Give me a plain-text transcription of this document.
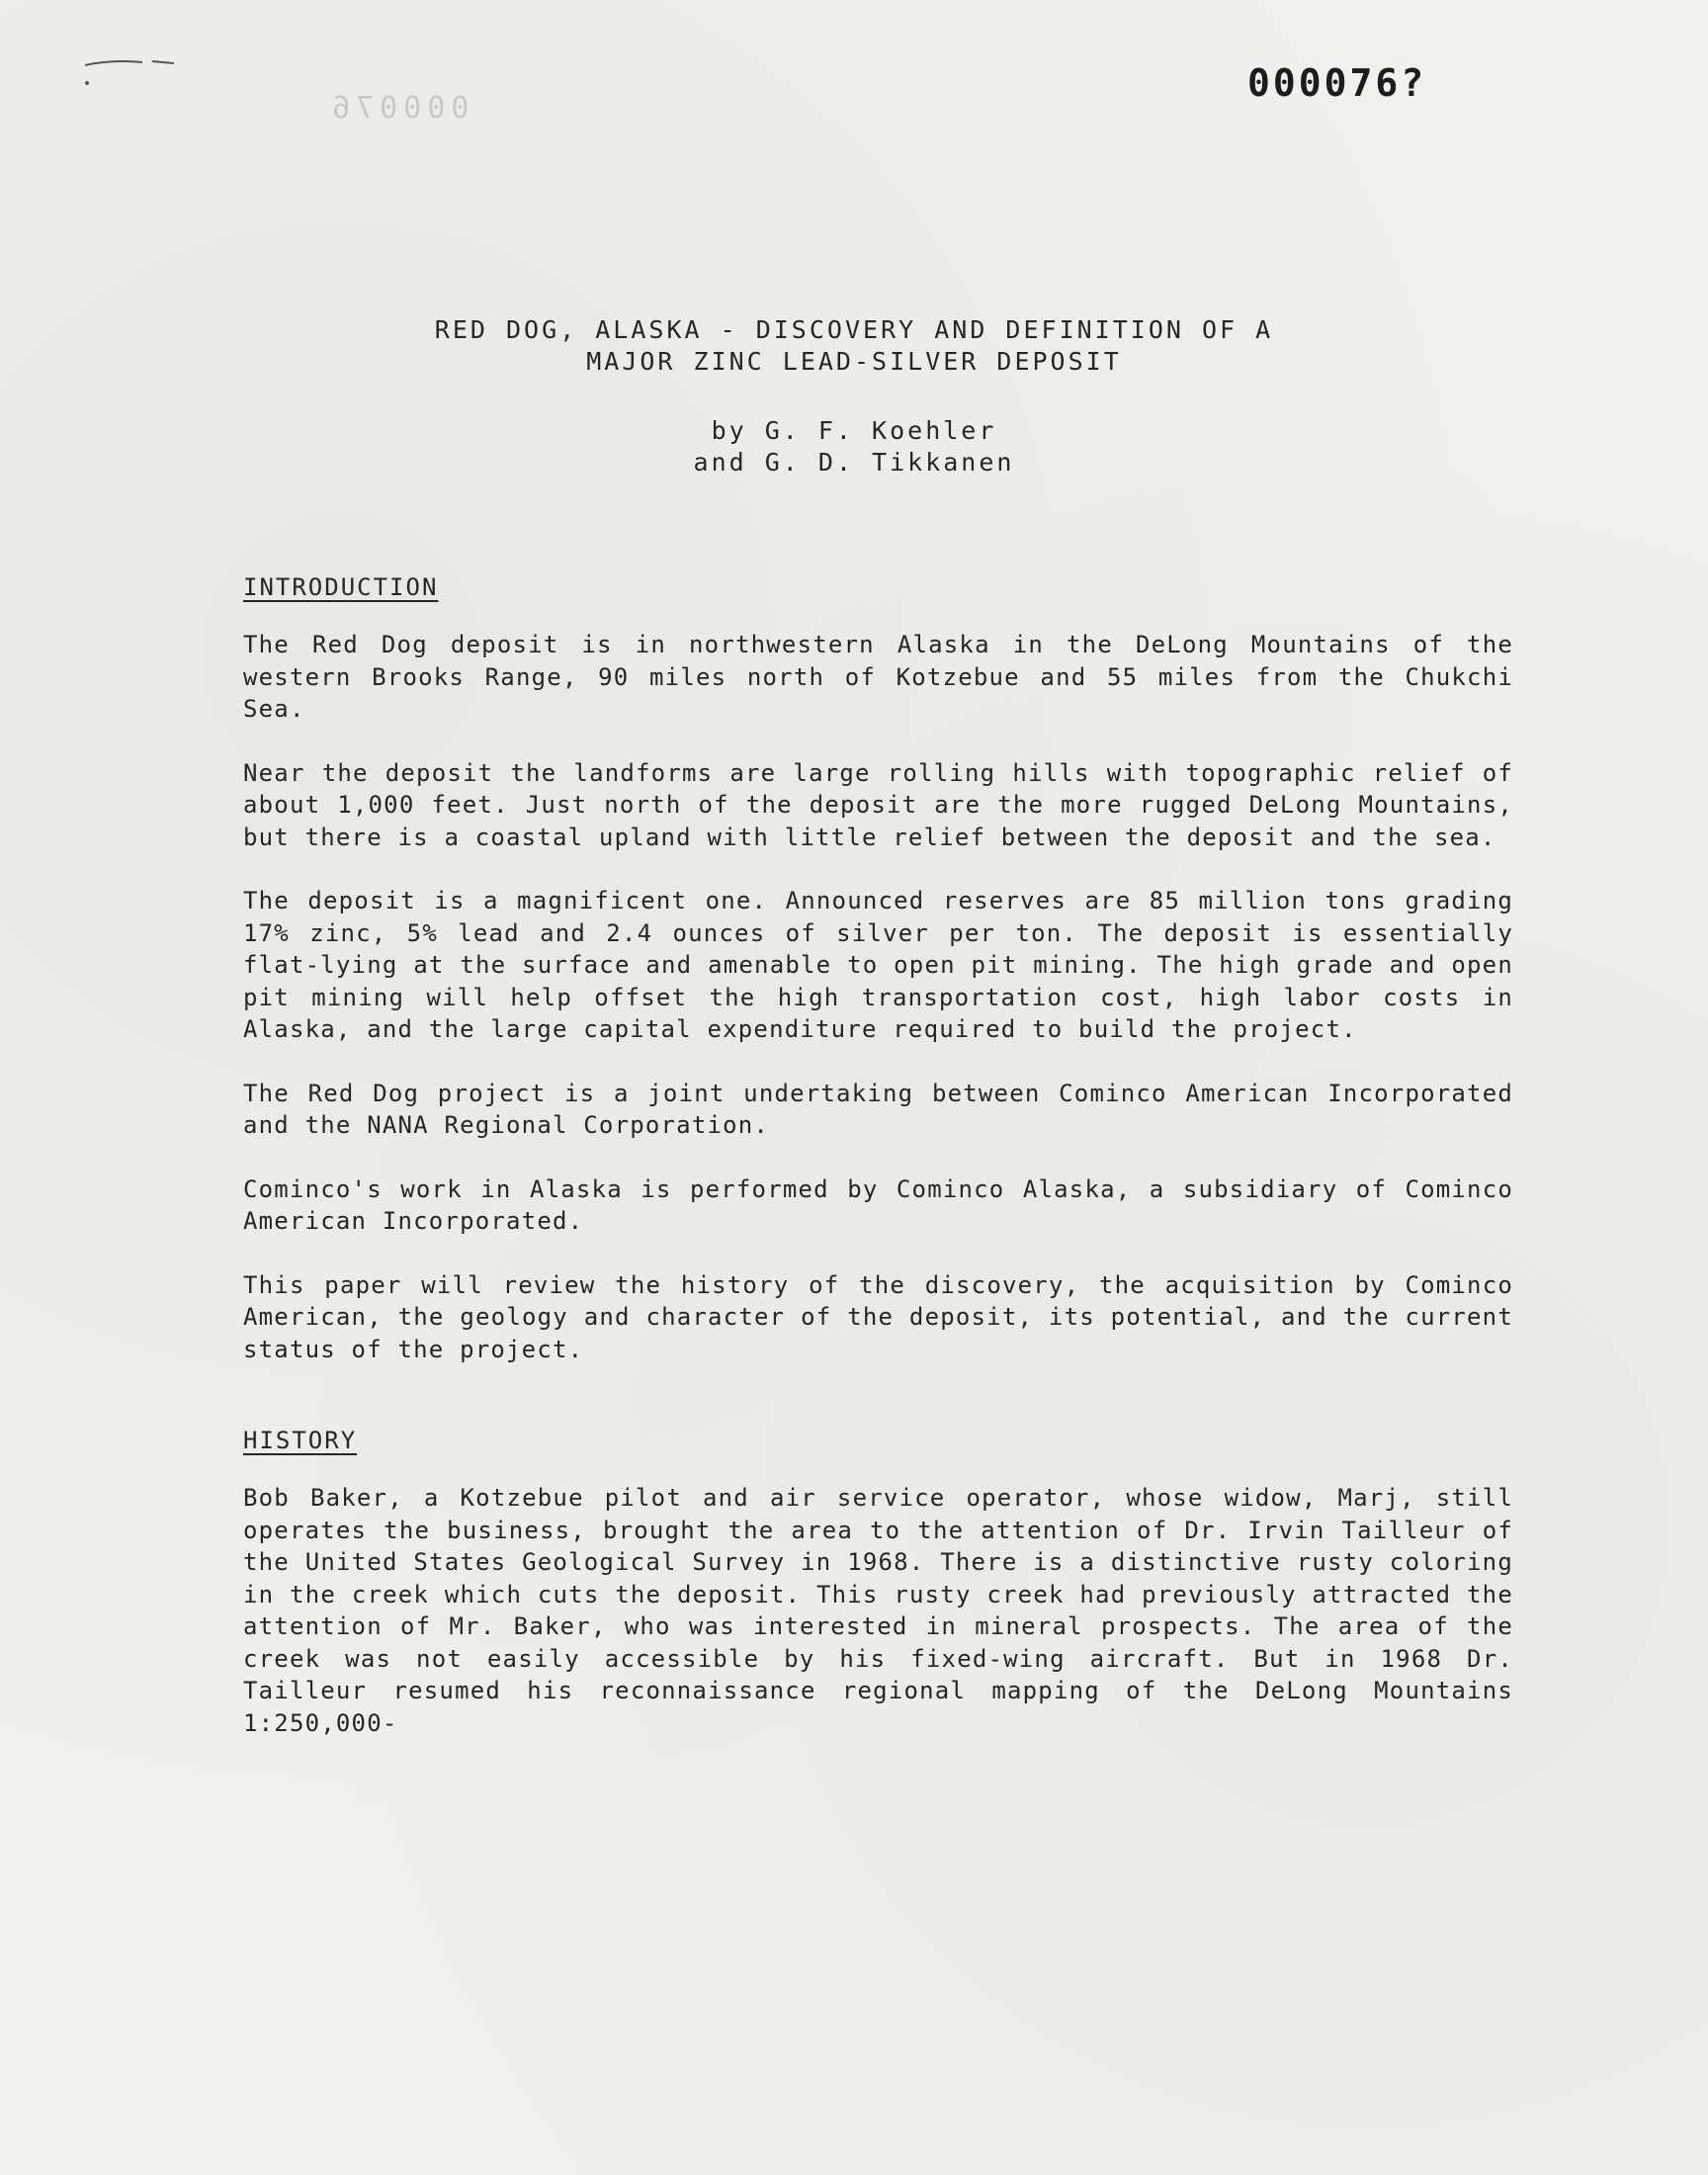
000076
000076?

RED DOG, ALASKA - DISCOVERY AND DEFINITION OF A

MAJOR ZINC LEAD-SILVER DEPOSIT

by G. F. Koehler
and G. D. Tikkanen
INTRODUCTION

The Red Dog deposit is in northwestern Alaska in the DeLong Mountains of the western Brooks Range, 90 miles north of Kotzebue and 55 miles from the Chukchi Sea.

Near the deposit the landforms are large rolling hills with topographic relief of about 1,000 feet. Just north of the deposit are the more rugged DeLong Mountains, but there is a coastal upland with little relief between the deposit and the sea.

The deposit is a magnificent one. Announced reserves are 85 million tons grading 17% zinc, 5% lead and 2.4 ounces of silver per ton. The deposit is essentially flat-lying at the surface and amenable to open pit mining. The high grade and open pit mining will help offset the high transportation cost, high labor costs in Alaska, and the large capital expenditure required to build the project.

The Red Dog project is a joint undertaking between Cominco American Incorporated and the NANA Regional Corporation.

Cominco's work in Alaska is performed by Cominco Alaska, a subsidiary of Cominco American Incorporated.

This paper will review the history of the discovery, the acquisition by Cominco American, the geology and character of the deposit, its potential, and the current status of the project.

HISTORY

Bob Baker, a Kotzebue pilot and air service operator, whose widow, Marj, still operates the business, brought the area to the attention of Dr. Irvin Tailleur of the United States Geological Survey in 1968. There is a distinctive rusty coloring in the creek which cuts the deposit. This rusty creek had previously attracted the attention of Mr. Baker, who was interested in mineral prospects. The area of the creek was not easily accessible by his fixed-wing aircraft. But in 1968 Dr. Tailleur resumed his reconnaissance regional mapping of the DeLong Mountains 1:250,000-
